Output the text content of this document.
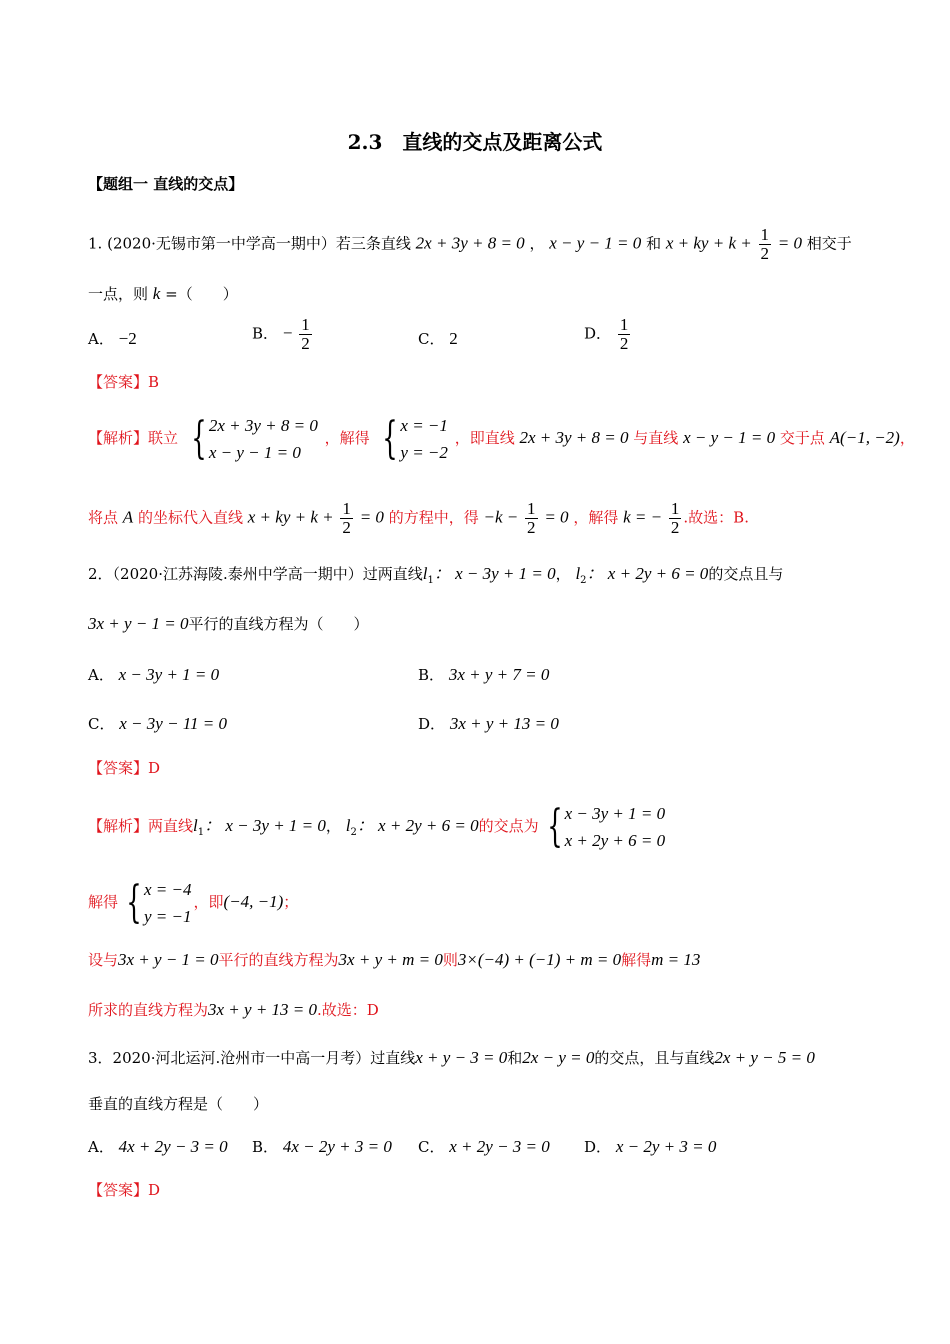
2.3　直线的交点及距离公式
【题组一 直线的交点】
1. (2020·无锡市第一中学高一期中）若三条直线 2x + 3y + 8 = 0 ， x − y − 1 = 0 和 x + ky + $k + \frac{1}{2} = 0$ 相交于
一点，则 k =（　　）
A． −2	B． − $\frac{1}{2}$	C． 2	D． $\frac{1}{2}$
【答案】B
【解析】联立 { 2x + 3y + 8 = 0
x − y − 1 = 0
，解得 { x = −1
y = −2
，即直线 2x + 3y + 8 = 0 与直线 x − y − 1 = 0 交于点 A(−1, −2)，
将点 A 的坐标代入直线 x + ky + $k + \frac{1}{2} = 0$ 的方程中，得 $-k - \frac{1}{2} = 0$ ，解得 k = − $\frac{1}{2}$ .故选：B.
2．（2020·江苏海陵.泰州中学高一期中）过两直线$l_1$： x − 3y + 1 = 0， $l_2$： x + 2y + 6 = 0的交点且与
3x + y − 1 = 0平行的直线方程为（　　）
A． x − 3y + 1 = 0	B． 3x + y + 7 = 0
C． x − 3y − 11 = 0	D． 3x + y + 13 = 0
【答案】D
【解析】两直线$l_1$： x − 3y + 1 = 0， $l_2$： x + 2y + 6 = 0的交点为 { x − 3y + 1 = 0
x + 2y + 6 = 0
解得 { x = −4
y = −1
，即(−4, −1)；
设与3x + y − 1 = 0平行的直线方程为3x + y + m = 0则3×(−4) + (−1) + m = 0解得m = 13
所求的直线方程为3x + y + 13 = 0.故选：D
3．2020·河北运河.沧州市一中高一月考）过直线x + y − 3 = 0和2x − y = 0的交点，且与直线2x + y − 5 = 0
垂直的直线方程是（　　）
A． 4x + 2y − 3 = 0 B． 4x − 2y + 3 = 0 C． x + 2y − 3 = 0 D． x − 2y + 3 = 0
【答案】D
